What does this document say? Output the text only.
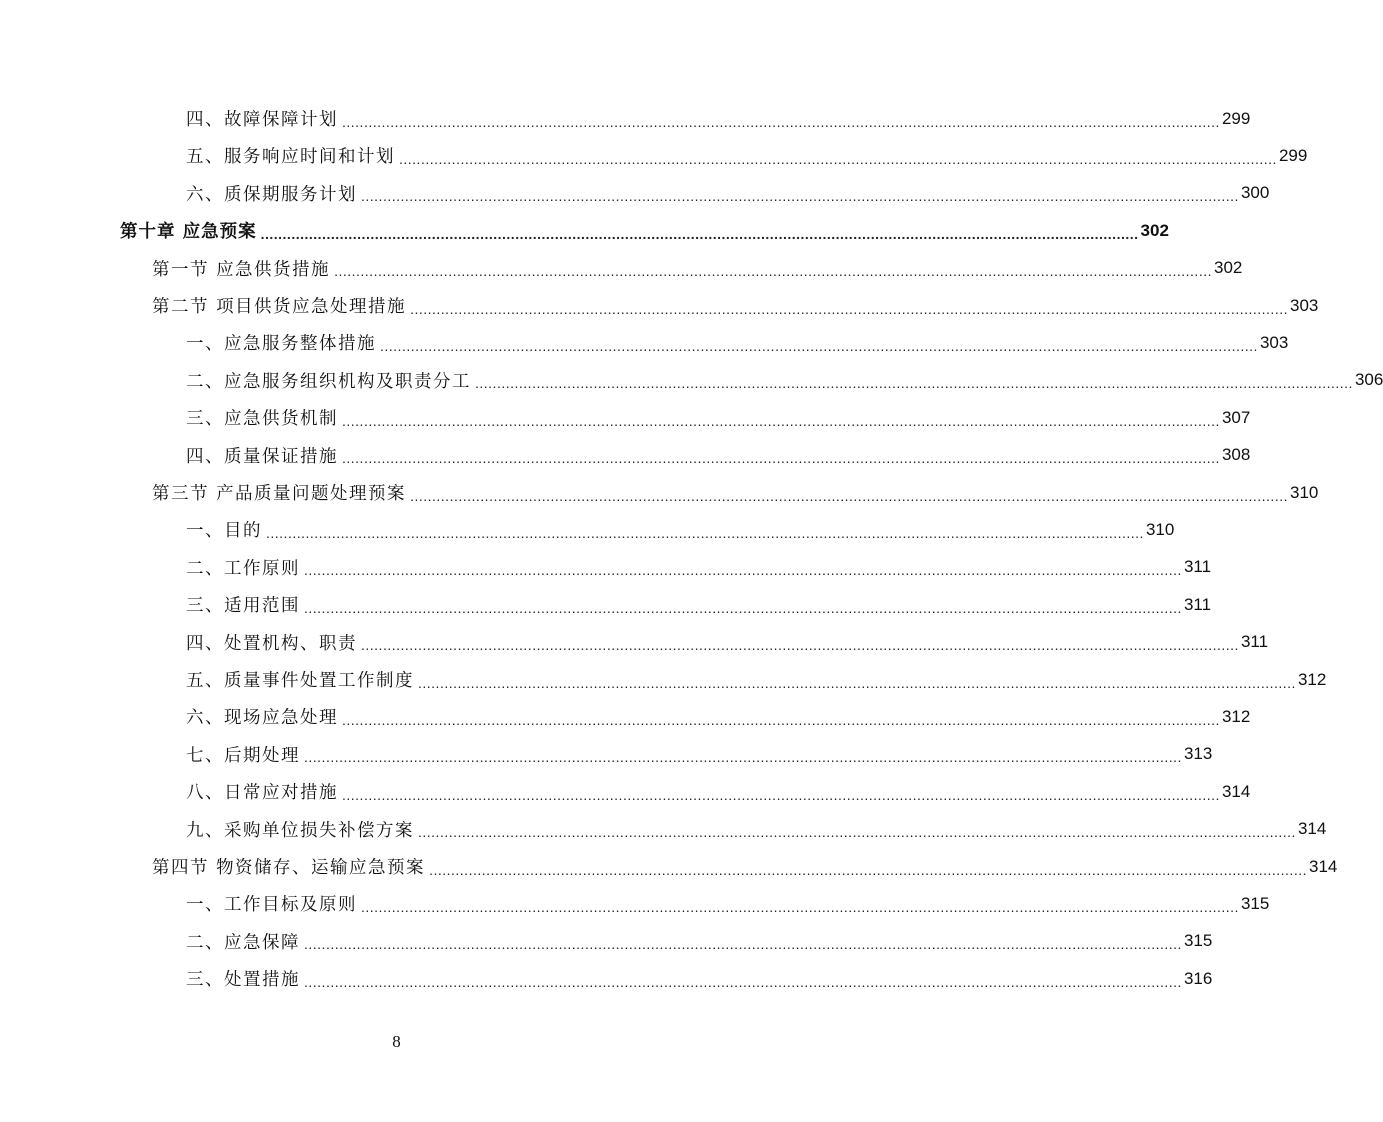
四、故障保障计划 ........................................................................................................................................................................................................ 299
五、服务响应时间和计划 ........................................................................................................................................................................................................ 299
六、质保期服务计划 ........................................................................................................................................................................................................ 300
第十章 应急预案 ........................................................................................................................................................................................................ 302
第一节 应急供货措施 ........................................................................................................................................................................................................ 302
第二节 项目供货应急处理措施 ........................................................................................................................................................................................................ 303
一、应急服务整体措施 ........................................................................................................................................................................................................ 303
二、应急服务组织机构及职责分工 ........................................................................................................................................................................................................ 306
三、应急供货机制 ........................................................................................................................................................................................................ 307
四、质量保证措施 ........................................................................................................................................................................................................ 308
第三节 产品质量问题处理预案 ........................................................................................................................................................................................................ 310
一、目的 ........................................................................................................................................................................................................ 310
二、工作原则 ........................................................................................................................................................................................................ 311
三、适用范围 ........................................................................................................................................................................................................ 311
四、处置机构、职责 ........................................................................................................................................................................................................ 311
五、质量事件处置工作制度 ........................................................................................................................................................................................................ 312
六、现场应急处理 ........................................................................................................................................................................................................ 312
七、后期处理 ........................................................................................................................................................................................................ 313
八、日常应对措施 ........................................................................................................................................................................................................ 314
九、采购单位损失补偿方案 ........................................................................................................................................................................................................ 314
第四节 物资储存、运输应急预案 ........................................................................................................................................................................................................ 314
一、工作目标及原则 ........................................................................................................................................................................................................ 315
二、应急保障 ........................................................................................................................................................................................................ 315
三、处置措施 ........................................................................................................................................................................................................ 316
8
